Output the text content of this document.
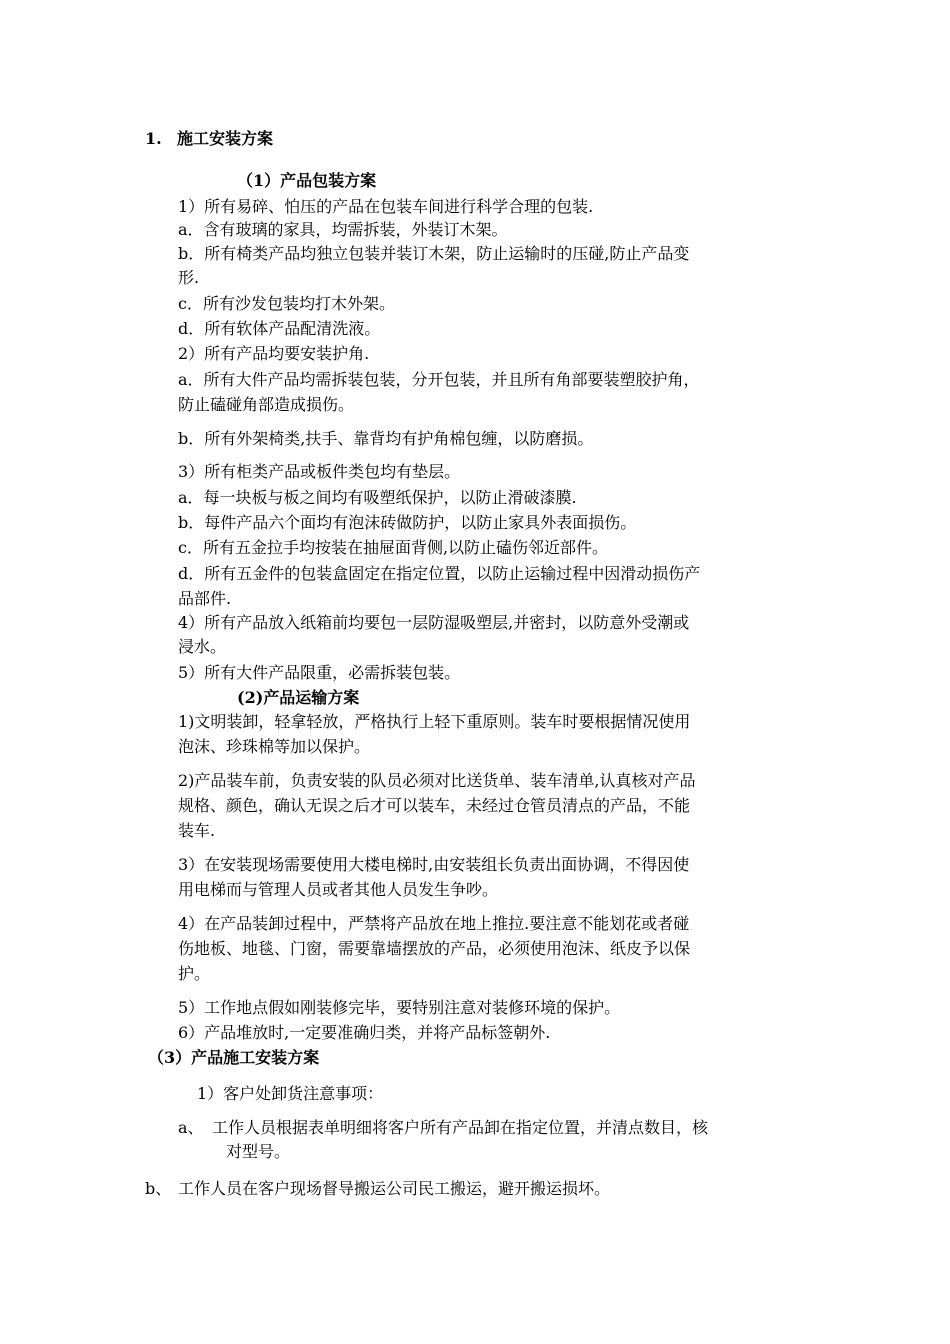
1. 施工安装方案
（1）产品包装方案
1）所有易碎、怕压的产品在包装车间进行科学合理的包装.
a．含有玻璃的家具，均需拆装，外装订木架。
b．所有椅类产品均独立包装并装订木架，防止运输时的压碰,防止产品变
形.
c．所有沙发包装均打木外架。
d．所有软体产品配清洗液。
2）所有产品均要安装护角.
a．所有大件产品均需拆装包装，分开包装，并且所有角部要装塑胶护角，
防止磕碰角部造成损伤。
b．所有外架椅类,扶手、靠背均有护角棉包缠，以防磨损。
3）所有柜类产品或板件类包均有垫层。
a．每一块板与板之间均有吸塑纸保护，以防止滑破漆膜.
b．每件产品六个面均有泡沫砖做防护，以防止家具外表面损伤。
c．所有五金拉手均按装在抽屉面背侧,以防止磕伤邻近部件。
d．所有五金件的包装盒固定在指定位置，以防止运输过程中因滑动损伤产
品部件.
4）所有产品放入纸箱前均要包一层防湿吸塑层,并密封，以防意外受潮或
浸水。
5）所有大件产品限重，必需拆装包装。
(2)产品运输方案
1)文明装卸，轻拿轻放，严格执行上轻下重原则。装车时要根据情况使用
泡沫、珍珠棉等加以保护。
2)产品装车前，负责安装的队员必须对比送货单、装车清单,认真核对产品
规格、颜色，确认无误之后才可以装车，未经过仓管员清点的产品，不能
装车.
3）在安装现场需要使用大楼电梯时,由安装组长负责出面协调，不得因使
用电梯而与管理人员或者其他人员发生争吵。
4）在产品装卸过程中，严禁将产品放在地上推拉.要注意不能划花或者碰
伤地板、地毯、门窗，需要靠墙摆放的产品，必须使用泡沫、纸皮予以保
护。
5）工作地点假如刚装修完毕，要特别注意对装修环境的保护。
6）产品堆放时,一定要准确归类，并将产品标签朝外.
（3）产品施工安装方案
1）客户处卸货注意事项：
a、 工作人员根据表单明细将客户所有产品卸在指定位置，并清点数目，核
对型号。
b、 工作人员在客户现场督导搬运公司民工搬运，避开搬运损坏。
